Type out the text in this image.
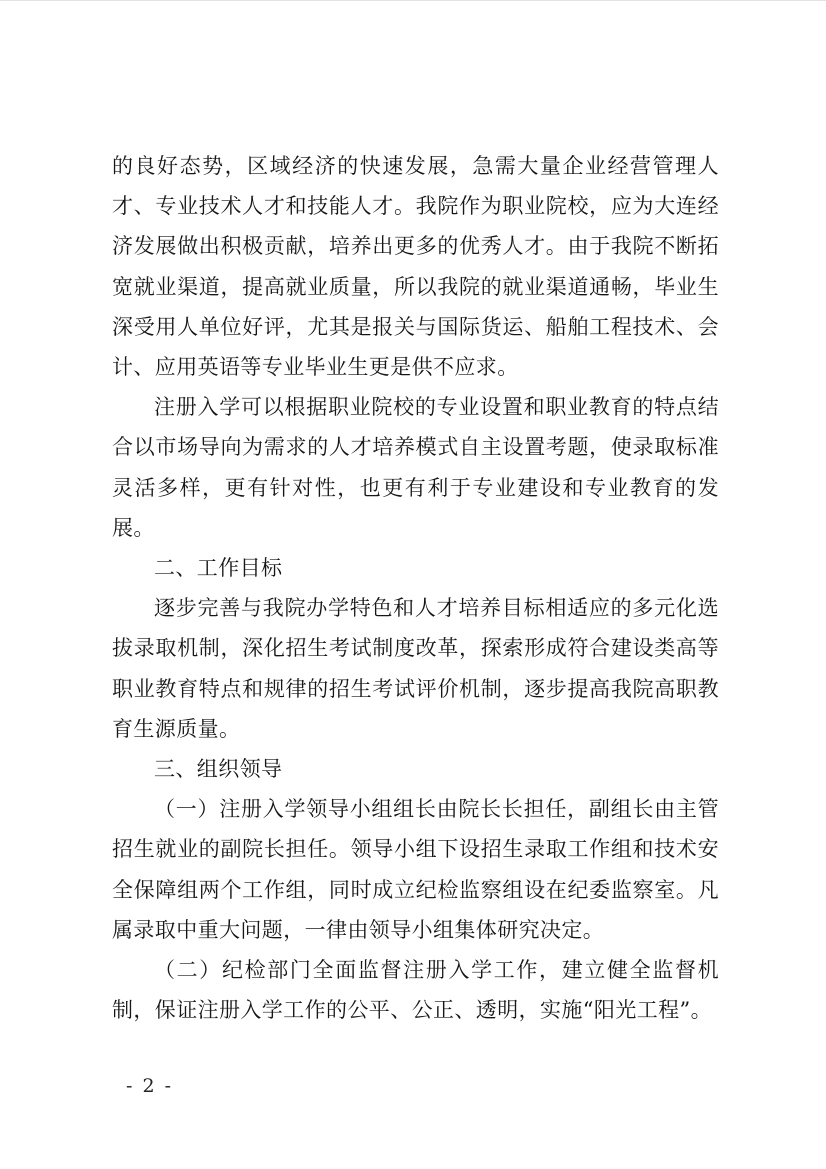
的良好态势，区域经济的快速发展，急需大量企业经营管理人才、专业技术人才和技能人才。我院作为职业院校，应为大连经济发展做出积极贡献，培养出更多的优秀人才。由于我院不断拓宽就业渠道，提高就业质量，所以我院的就业渠道通畅，毕业生深受用人单位好评，尤其是报关与国际货运、船舶工程技术、会计、应用英语等专业毕业生更是供不应求。

注册入学可以根据职业院校的专业设置和职业教育的特点结合以市场导向为需求的人才培养模式自主设置考题，使录取标准灵活多样，更有针对性，也更有利于专业建设和专业教育的发展。

二、工作目标

逐步完善与我院办学特色和人才培养目标相适应的多元化选拔录取机制，深化招生考试制度改革，探索形成符合建设类高等职业教育特点和规律的招生考试评价机制，逐步提高我院高职教育生源质量。

三、组织领导

（一）注册入学领导小组组长由院长长担任，副组长由主管招生就业的副院长担任。领导小组下设招生录取工作组和技术安全保障组两个工作组，同时成立纪检监察组设在纪委监察室。凡属录取中重大问题，一律由领导小组集体研究决定。

（二）纪检部门全面监督注册入学工作，建立健全监督机制，保证注册入学工作的公平、公正、透明，实施“阳光工程”。

- 2 -
